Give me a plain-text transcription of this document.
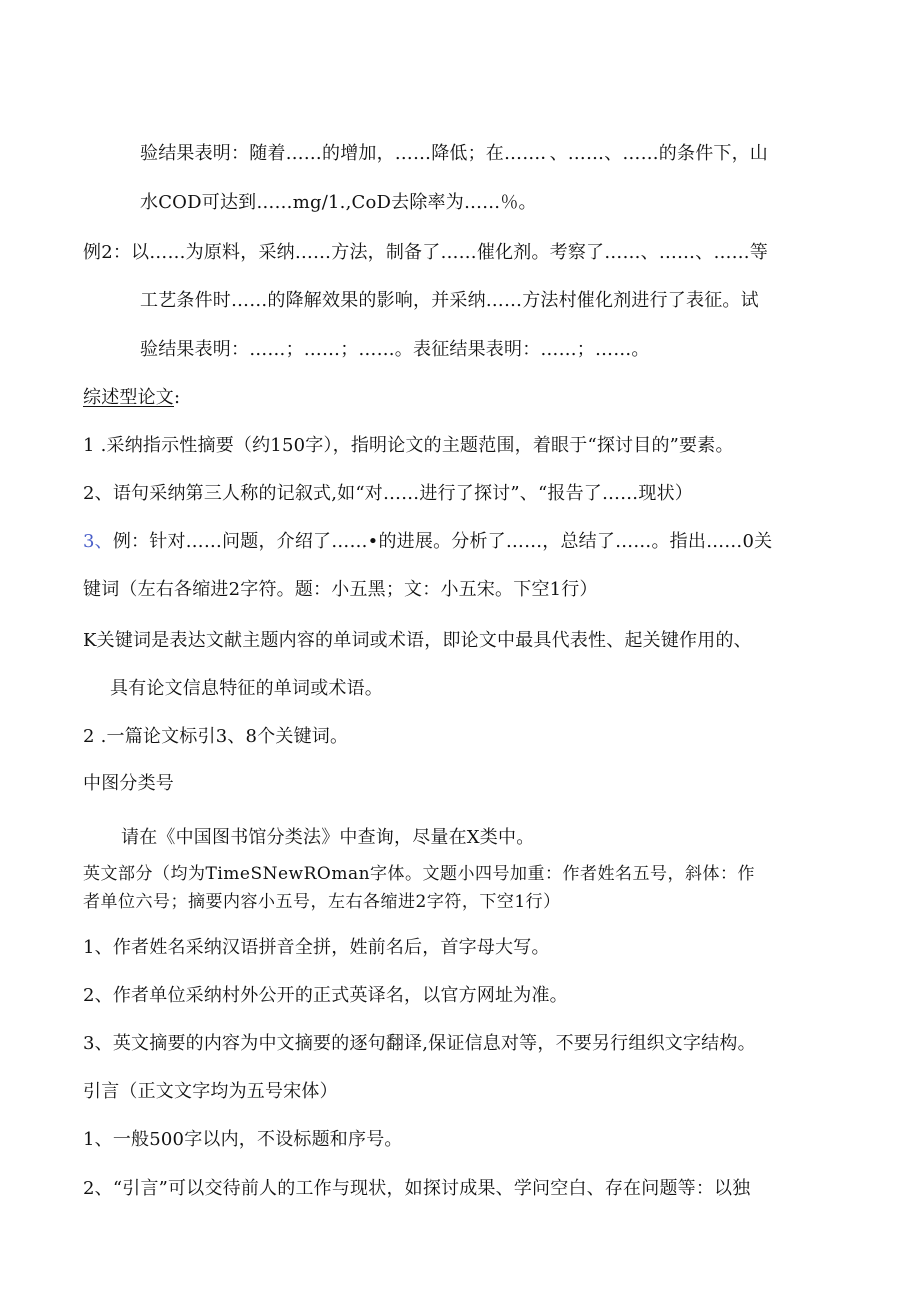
验结果表明：随着……的增加，……降低；在……．、……、……的条件下，山

水COD可达到……mg∕1.,CoD去除率为……％。

例2：以……为原料，采纳……方法，制备了……催化剂。考察了……、……、……等

工艺条件时……的降解效果的影响，并采纳……方法村催化剂进行了表征。试

验结果表明：……；……；……。表征结果表明：……；……。

综述型论文:

1 .采纳指示性摘要（约150字），指明论文的主题范围，着眼于“探讨目的”要素。

2、语句采纳第三人称的记叙式,如“对……进行了探讨”、“报告了……现状）

3、例：针对……问题，介绍了……•的进展。分析了……，总结了……。指出……0关

键词（左右各缩进2字符。题：小五黑；文：小五宋。下空1行）

K关键词是表达文献主题内容的单词或术语，即论文中最具代表性、起关键作用的、

具有论文信息特征的单词或术语。

2 .一篇论文标引3、8个关键词。

中图分类号

请在《中国图书馆分类法》中查询，尽量在X类中。

英文部分（均为TimeSNewROman字体。文题小四号加重：作者姓名五号，斜体：作

者单位六号；摘要内容小五号，左右各缩进2字符，下空1行）

1、作者姓名采纳汉语拼音全拼，姓前名后，首字母大写。

2、作者单位采纳村外公开的正式英译名，以官方网址为准。

3、英文摘要的内容为中文摘要的逐句翻译,保证信息对等，不要另行组织文字结构。

引言（正文文字均为五号宋体）

1、一般500字以内，不设标题和序号。

2、“引言”可以交待前人的工作与现状，如探讨成果、学问空白、存在问题等：以独
